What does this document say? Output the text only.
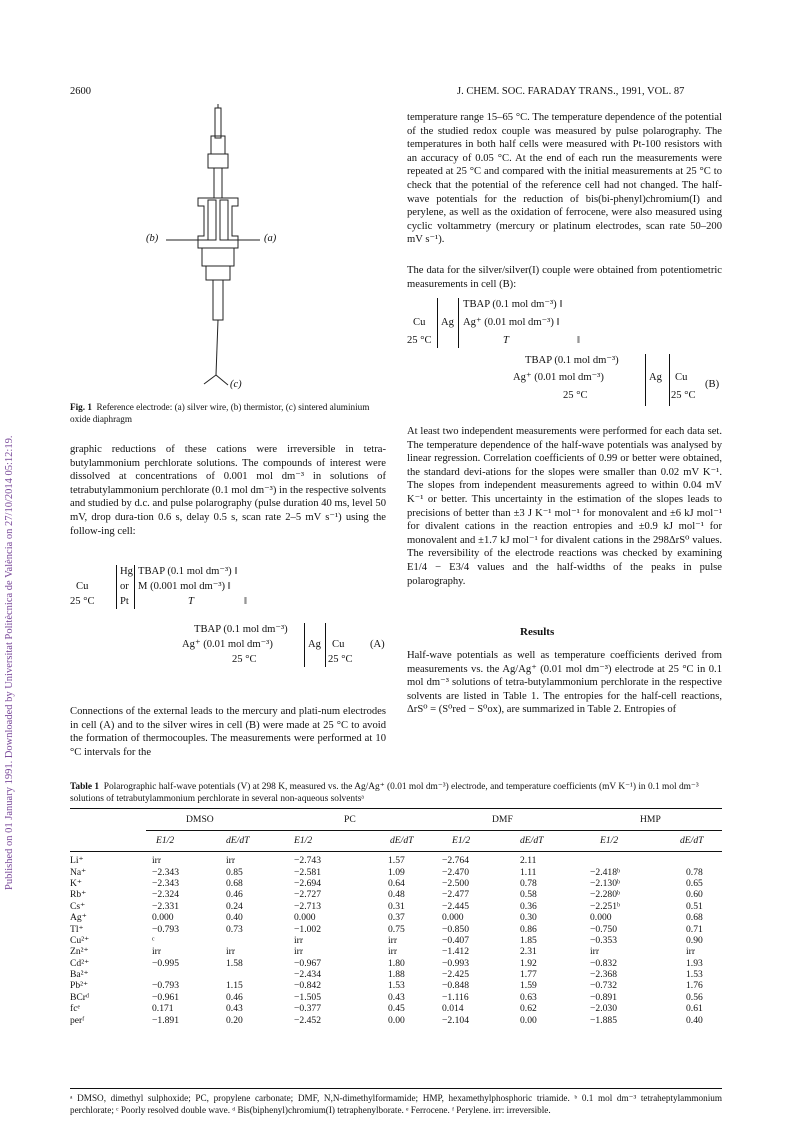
Published on 01 January 1991. Downloaded by Universitat Politècnica de València on 27/10/2014 05:12:19.
2600	J. CHEM. SOC. FARADAY TRANS., 1991, VOL. 87
(b)	(a)
(c)
Fig. 1 Reference electrode: (a) silver wire, (b) thermistor, (c) sintered aluminium oxide diaphragm
graphic reductions of these cations were irreversible in tetra-butylammonium perchlorate solutions. The compounds of interest were dissolved at concentrations of 0.001 mol dm⁻³ in solutions of tetrabutylammonium perchlorate (0.1 mol dm⁻³) in the respective solvents and studied by d.c. and pulse polarography (pulse duration 40 ms, level 50 mV, drop dura-tion 0.6 s, delay 0.5 s, scan rate 2–5 mV s⁻¹) using the follow-ing cell:
Hg TBAP (0.1 mol dm⁻³) ‖
Cu	or M (0.001 mol dm⁻³) ‖
25 °C Pt	T	‖
TBAP (0.1 mol dm⁻³)
Ag⁺ (0.01 mol dm⁻³)	Ag Cu (A)
25 °C	25 °C
Connections of the external leads to the mercury and plati-num electrodes in cell (A) and to the silver wires in cell (B) were made at 25 °C to avoid the formation of thermocouples. The measurements were performed at 10 °C intervals for the
temperature range 15–65 °C. The temperature dependence of the potential of the studied redox couple was measured by pulse polarography. The temperatures in both half cells were measured with Pt-100 resistors with an accuracy of 0.05 °C. At the end of each run the measurements were repeated at 25 °C and compared with the initial measurements at 25 °C to check that the potential of the reference cell had not changed. The half-wave potentials for the reduction of bis(bi-phenyl)chromium(I) and perylene, as well as the oxidation of ferrocene, were also measured using cyclic voltammetry (mercury or platinum electrodes, scan rate 50–200 mV s⁻¹).
The data for the silver/silver(I) couple were obtained from potentiometric measurements in cell (B):
TBAP (0.1 mol dm⁻³) ‖
Cu Ag Ag⁺ (0.01 mol dm⁻³) ‖
25 °C	T	‖
TBAP (0.1 mol dm⁻³)
Ag⁺ (0.01 mol dm⁻³)	Ag Cu
(B)
25 °C	25 °C
At least two independent measurements were performed for each data set. The temperature dependence of the half-wave potentials was analysed by linear regression. Correlation coefficients of 0.99 or better were obtained, the standard devi-ations for the slopes were smaller than 0.02 mV K⁻¹. The slopes from independent measurements agreed to within 0.04 mV K⁻¹ or better. This uncertainty in the estimation of the slopes leads to precisions of better than ±3 J K⁻¹ mol⁻¹ for monovalent and ±6 kJ mol⁻¹ for divalent cations in the reaction entropies and ±0.9 kJ mol⁻¹ for monovalent and ±1.7 kJ mol⁻¹ for divalent cations in the 298ΔrS⁰ values. The reversibility of the electrode reactions was checked by examining E1/4 − E3/4 values and the half-widths of the peaks in pulse polarography.
Results
Half-wave potentials as well as temperature coefficients derived from measurements vs. the Ag/Ag⁺ (0.01 mol dm⁻³) electrode at 25 °C in 0.1 mol dm⁻³ solutions of tetra-butylammonium perchlorate in the respective solvents are listed in Table 1. The entropies for the half-cell reactions, ΔrS⁰ = (S⁰red − S⁰ox), are summarized in Table 2. Entropies of
Table 1 Polarographic half-wave potentials (V) at 298 K, measured vs. the Ag/Ag⁺ (0.01 mol dm⁻³) electrode, and temperature coefficients (mV K⁻¹) in 0.1 mol dm⁻³ solutions of tetrabutylammonium perchlorate in several non-aqueous solventsᵃ
	DMSO		PC		DMF		HMP	
	E1/2	dE/dT	E1/2	dE/dT	E1/2	dE/dT	E1/2	dE/dT
Li⁺	irr	irr	−2.743	1.57	−2.764	2.11		
Na⁺	−2.343	0.85	−2.581	1.09	−2.470	1.11	−2.418ᵇ	0.78
K⁺	−2.343	0.68	−2.694	0.64	−2.500	0.78	−2.130ᵇ	0.65
Rb⁺	−2.324	0.46	−2.727	0.48	−2.477	0.58	−2.280ᵇ	0.60
Cs⁺	−2.331	0.24	−2.713	0.31	−2.445	0.36	−2.251ᵇ	0.51
Ag⁺	0.000	0.40	0.000	0.37	0.000	0.30	0.000	0.68
Tl⁺	−0.793	0.73	−1.002	0.75	−0.850	0.86	−0.750	0.71
Cu²⁺	ᶜ		irr	irr	−0.407	1.85	−0.353	0.90
Zn²⁺	irr	irr	irr	irr	−1.412	2.31	irr	irr
Cd²⁺	−0.995	1.58	−0.967	1.80	−0.993	1.92	−0.832	1.93
Ba²⁺			−2.434	1.88	−2.425	1.77	−2.368	1.53
Pb²⁺	−0.793	1.15	−0.842	1.53	−0.848	1.59	−0.732	1.76
BCrᵈ	−0.961	0.46	−1.505	0.43	−1.116	0.63	−0.891	0.56
fcᵉ	0.171	0.43	−0.377	0.45	0.014	0.62	−2.030	0.61
perᶠ	−1.891	0.20	−2.452	0.00	−2.104	0.00	−1.885	0.40
ᵃ DMSO, dimethyl sulphoxide; PC, propylene carbonate; DMF, N,N-dimethylformamide; HMP, hexamethylphosphoric triamide. ᵇ 0.1 mol dm⁻³ tetraheptylammonium perchlorate; ᶜ Poorly resolved double wave. ᵈ Bis(biphenyl)chromium(I) tetraphenylborate. ᵉ Ferrocene. ᶠ Perylene. irr: irreversible.
